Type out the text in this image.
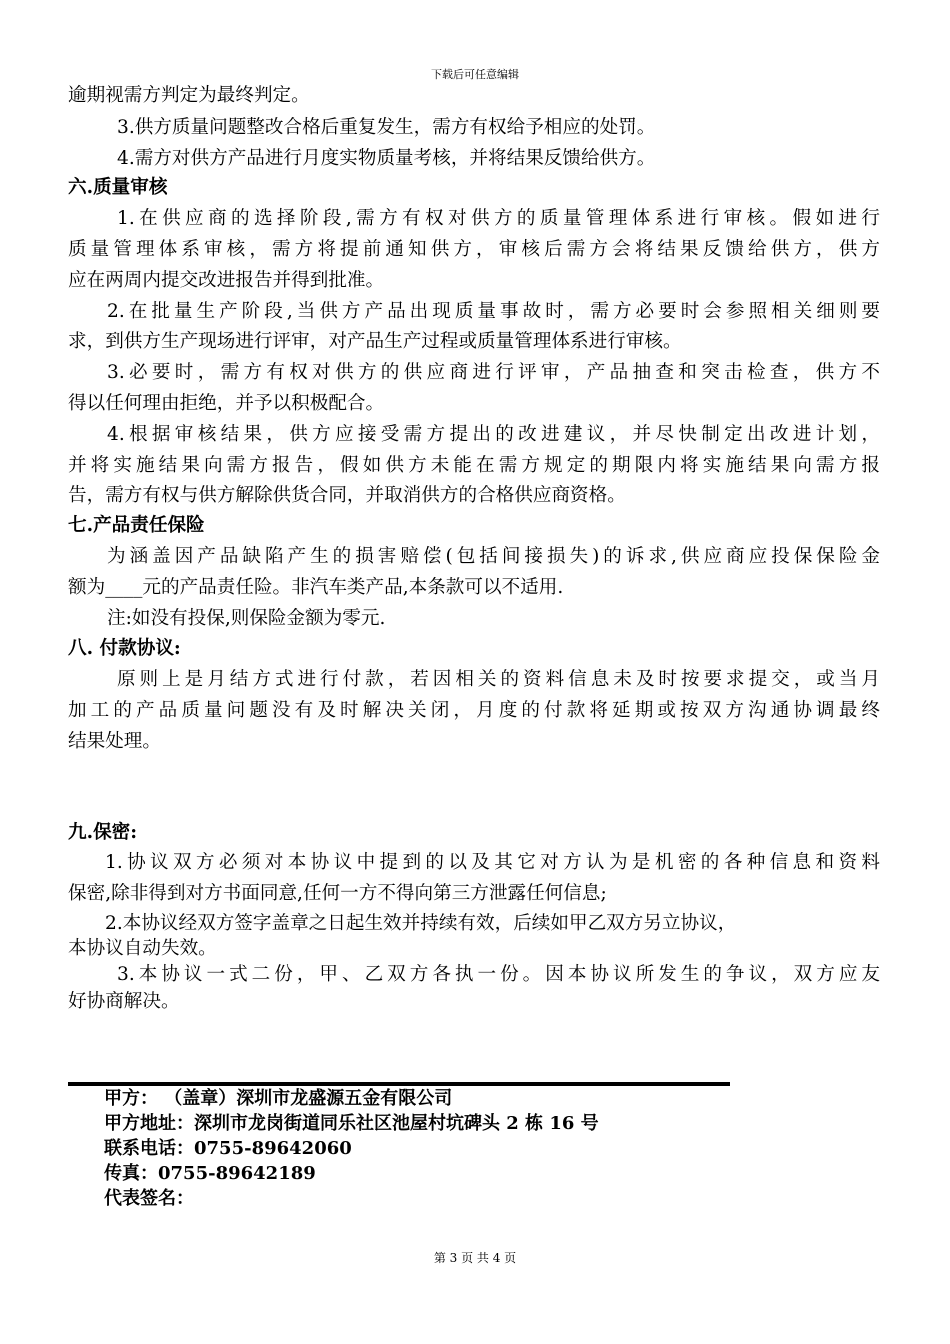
下载后可任意编辑
逾期视需方判定为最终判定。
3.供方质量问题整改合格后重复发生，需方有权给予相应的处罚。
4.需方对供方产品进行月度实物质量考核，并将结果反馈给供方。
六.质量审核
1.在供应商的选择阶段,需方有权对供方的质量管理体系进行审核。假如进行
质量管理体系审核，需方将提前通知供方，审核后需方会将结果反馈给供方，供方
应在两周内提交改进报告并得到批准。
2.在批量生产阶段,当供方产品出现质量事故时，需方必要时会参照相关细则要
求，到供方生产现场进行评审，对产品生产过程或质量管理体系进行审核。
3.必要时，需方有权对供方的供应商进行评审，产品抽查和突击检查，供方不
得以任何理由拒绝，并予以积极配合。
4.根据审核结果，供方应接受需方提出的改进建议，并尽快制定出改进计划，
并将实施结果向需方报告，假如供方未能在需方规定的期限内将实施结果向需方报
告，需方有权与供方解除供货合同，并取消供方的合格供应商资格。
七.产品责任保险
为涵盖因产品缺陷产生的损害赔偿(包括间接损失)的诉求,供应商应投保保险金
额为____元的产品责任险。非汽车类产品,本条款可以不适用.
注:如没有投保,则保险金额为零元.
八. 付款协议:
原则上是月结方式进行付款，若因相关的资料信息未及时按要求提交，或当月
加工的产品质量问题没有及时解决关闭，月度的付款将延期或按双方沟通协调最终
结果处理。
九.保密:
1.协议双方必须对本协议中提到的以及其它对方认为是机密的各种信息和资料
保密,除非得到对方书面同意,任何一方不得向第三方泄露任何信息;
2.本协议经双方签字盖章之日起生效并持续有效，后续如甲乙双方另立协议，
本协议自动失效。
3.本协议一式二份，甲、乙双方各执一份。因本协议所发生的争议，双方应友
好协商解决。
甲方： （盖章）深圳市龙盛源五金有限公司
甲方地址：深圳市龙岗街道同乐社区池屋村坑碑头 2 栋 16 号
联系电话：0755-89642060
传真：0755-89642189
代表签名：
第 3 页 共 4 页
